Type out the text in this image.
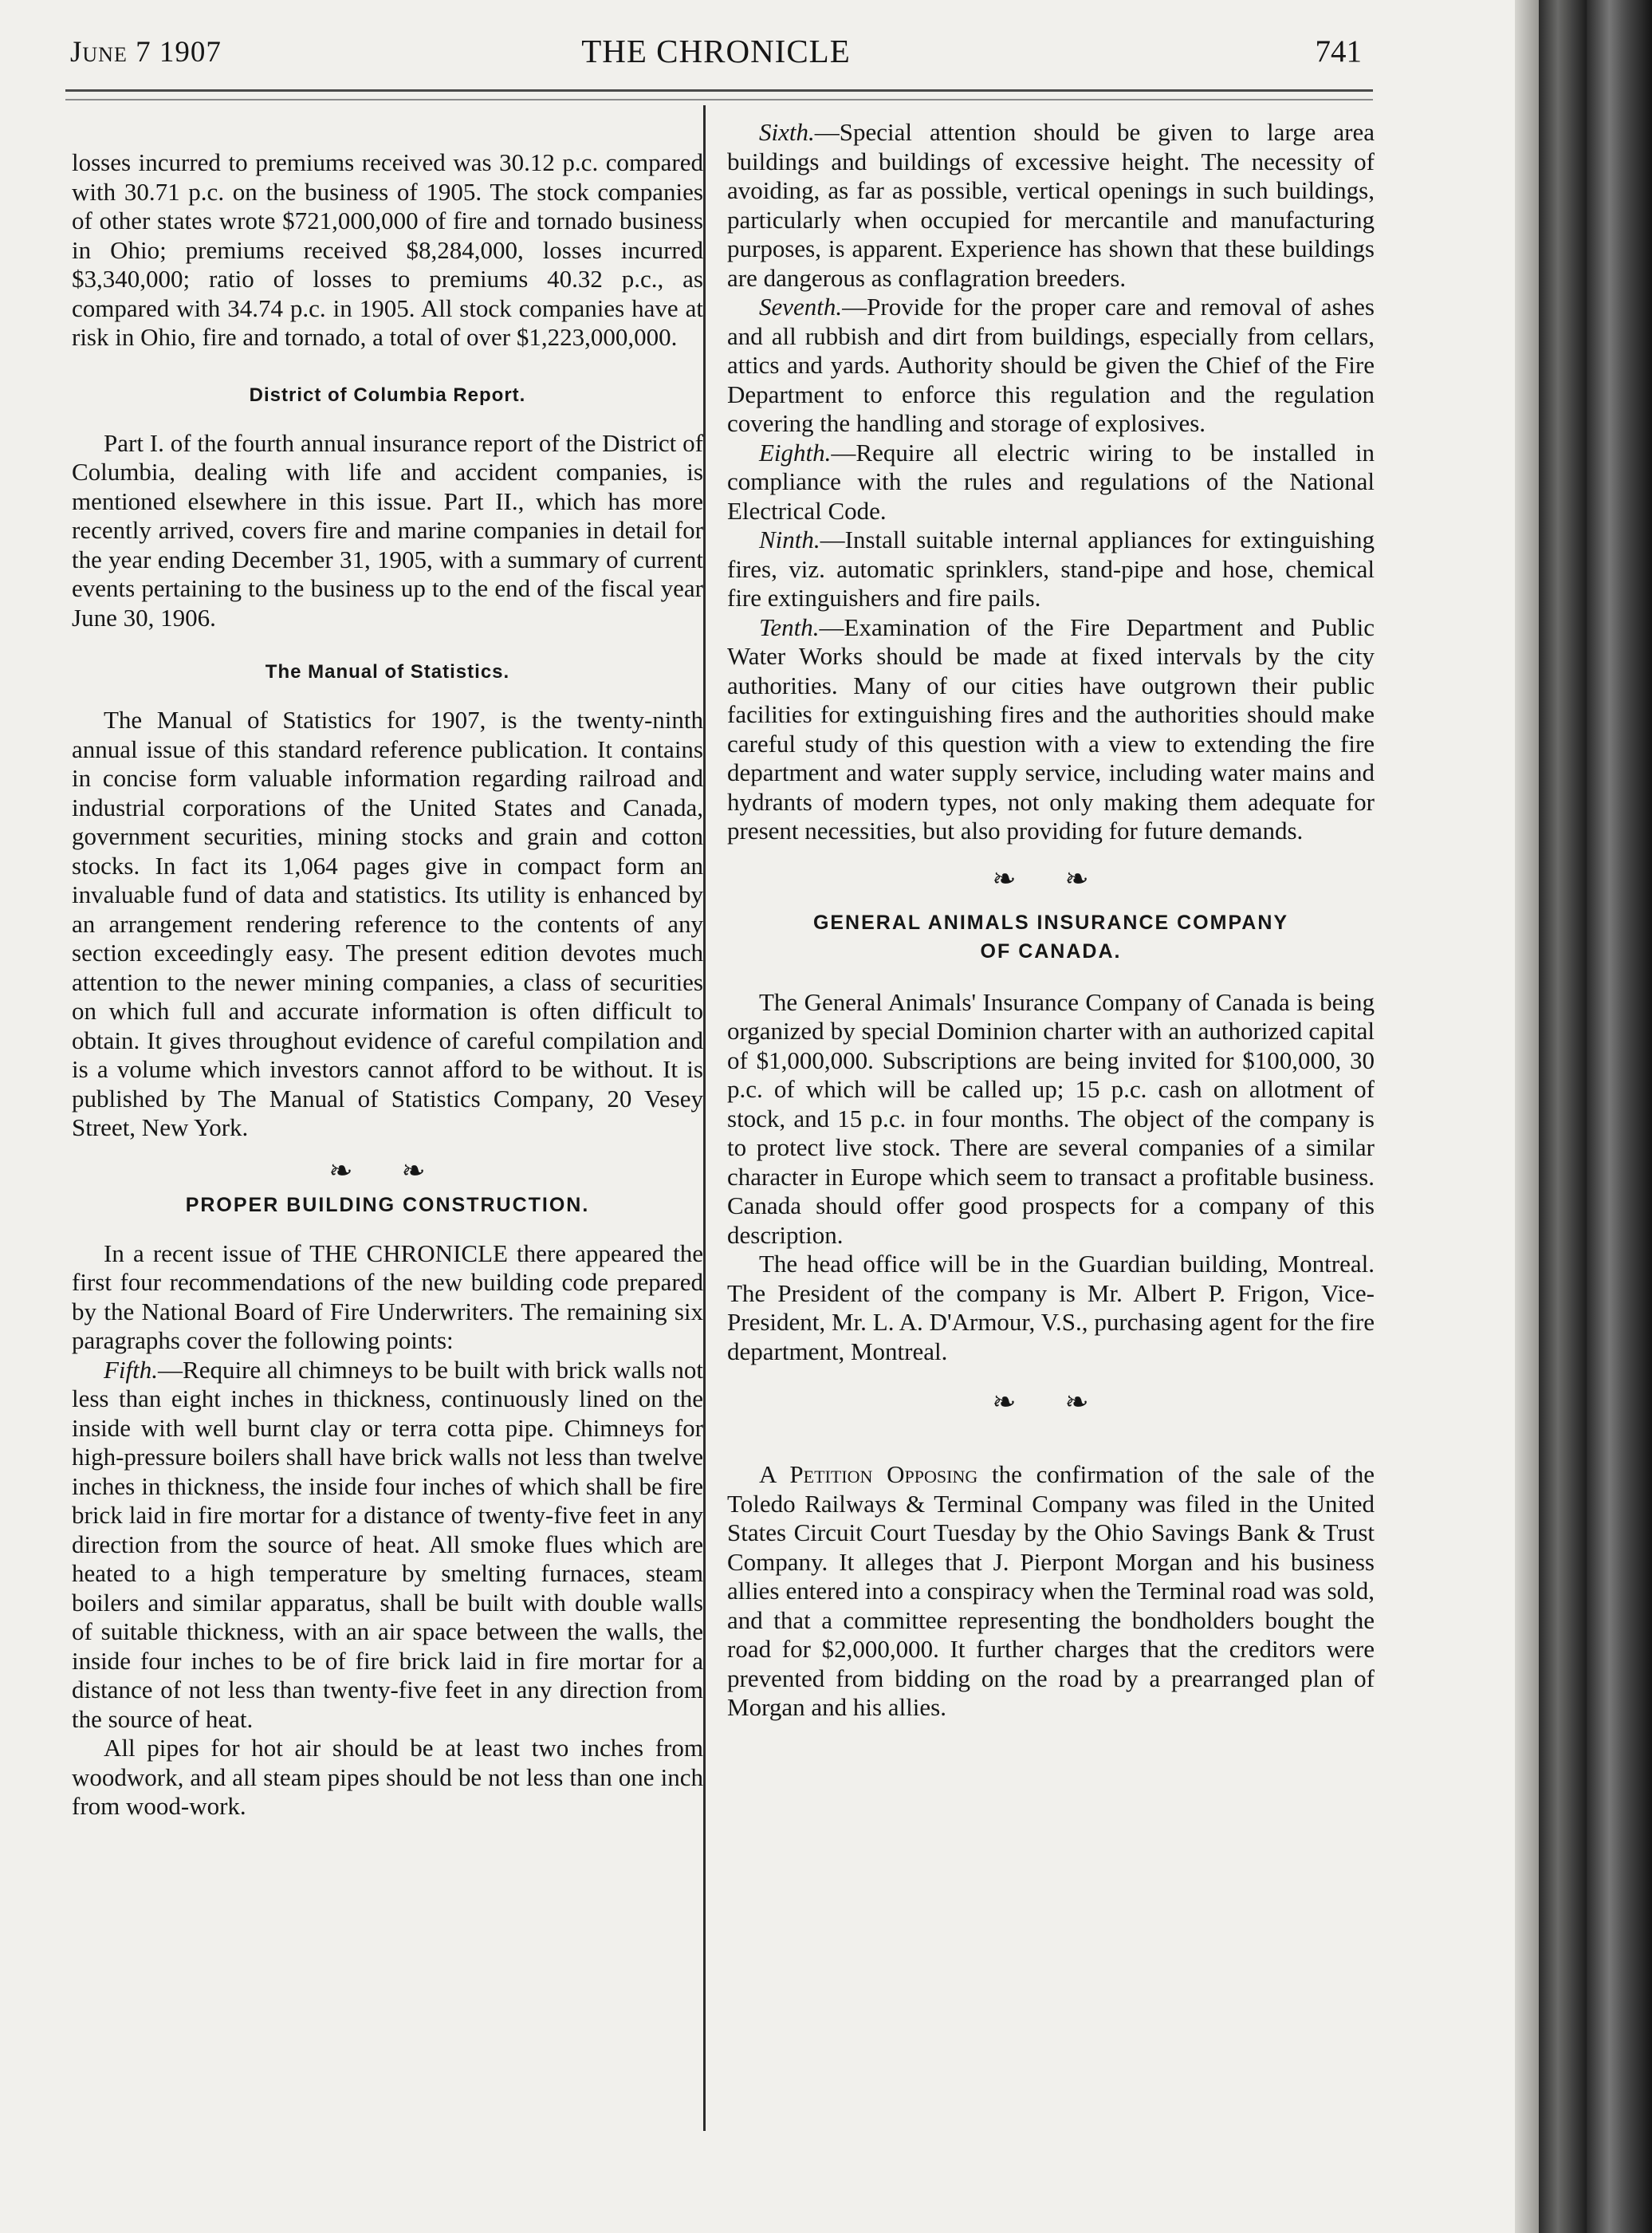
June 7 1907	THE CHRONICLE	741

losses incurred to premiums received was 30.12 p.c. compared with 30.71 p.c. on the business of 1905. The stock companies of other states wrote $721,000,000 of fire and tornado business in Ohio; premiums received $8,284,000, losses incurred $3,340,000; ratio of losses to premiums 40.32 p.c., as compared with 34.74 p.c. in 1905. All stock companies have at risk in Ohio, fire and tornado, a total of over $1,223,000,000.

District of Columbia Report.

Part I. of the fourth annual insurance report of the District of Columbia, dealing with life and accident companies, is mentioned elsewhere in this issue. Part II., which has more recently arrived, covers fire and marine companies in detail for the year ending December 31, 1905, with a summary of current events pertaining to the business up to the end of the fiscal year June 30, 1906.

The Manual of Statistics.

The Manual of Statistics for 1907, is the twenty-ninth annual issue of this standard reference publication. It contains in concise form valuable information regarding railroad and industrial corporations of the United States and Canada, government securities, mining stocks and grain and cotton stocks. In fact its 1,064 pages give in compact form an invaluable fund of data and statistics. Its utility is enhanced by an arrangement rendering reference to the contents of any section exceedingly easy. The present edition devotes much attention to the newer mining companies, a class of securities on which full and accurate information is often difficult to obtain. It gives throughout evidence of careful compilation and is a volume which investors cannot afford to be without. It is published by The Manual of Statistics Company, 20 Vesey Street, New York.

❧ ❧
PROPER BUILDING CONSTRUCTION.

In a recent issue of THE CHRONICLE there appeared the first four recommendations of the new building code prepared by the National Board of Fire Underwriters. The remaining six paragraphs cover the following points:

Fifth.—Require all chimneys to be built with brick walls not less than eight inches in thickness, continuously lined on the inside with well burnt clay or terra cotta pipe. Chimneys for high-pressure boilers shall have brick walls not less than twelve inches in thickness, the inside four inches of which shall be fire brick laid in fire mortar for a distance of twenty-five feet in any direction from the source of heat. All smoke flues which are heated to a high temperature by smelting furnaces, steam boilers and similar apparatus, shall be built with double walls of suitable thickness, with an air space between the walls, the inside four inches to be of fire brick laid in fire mortar for a distance of not less than twenty-five feet in any direction from the source of heat.

All pipes for hot air should be at least two inches from woodwork, and all steam pipes should be not less than one inch from wood-work.

Sixth.—Special attention should be given to large area buildings and buildings of excessive height. The necessity of avoiding, as far as possible, vertical openings in such buildings, particularly when occupied for mercantile and manufacturing purposes, is apparent. Experience has shown that these buildings are dangerous as conflagration breeders.

Seventh.—Provide for the proper care and removal of ashes and all rubbish and dirt from buildings, especially from cellars, attics and yards. Authority should be given the Chief of the Fire Department to enforce this regulation and the regulation covering the handling and storage of explosives.

Eighth.—Require all electric wiring to be installed in compliance with the rules and regulations of the National Electrical Code.

Ninth.—Install suitable internal appliances for extinguishing fires, viz. automatic sprinklers, stand-pipe and hose, chemical fire extinguishers and fire pails.

Tenth.—Examination of the Fire Department and Public Water Works should be made at fixed intervals by the city authorities. Many of our cities have outgrown their public facilities for extinguishing fires and the authorities should make careful study of this question with a view to extending the fire department and water supply service, including water mains and hydrants of modern types, not only making them adequate for present necessities, but also providing for future demands.

❧ ❧
GENERAL ANIMALS INSURANCE COMPANY
OF CANADA.

The General Animals' Insurance Company of Canada is being organized by special Dominion charter with an authorized capital of $1,000,000. Subscriptions are being invited for $100,000, 30 p.c. of which will be called up; 15 p.c. cash on allotment of stock, and 15 p.c. in four months. The object of the company is to protect live stock. There are several companies of a similar character in Europe which seem to transact a profitable business. Canada should offer good prospects for a company of this description.

The head office will be in the Guardian building, Montreal. The President of the company is Mr. Albert P. Frigon, Vice-President, Mr. L. A. D'Armour, V.S., purchasing agent for the fire department, Montreal.

❧ ❧

A Petition Opposing the confirmation of the sale of the Toledo Railways & Terminal Company was filed in the United States Circuit Court Tuesday by the Ohio Savings Bank & Trust Company. It alleges that J. Pierpont Morgan and his business allies entered into a conspiracy when the Terminal road was sold, and that a committee representing the bondholders bought the road for $2,000,000. It further charges that the creditors were prevented from bidding on the road by a prearranged plan of Morgan and his allies.
